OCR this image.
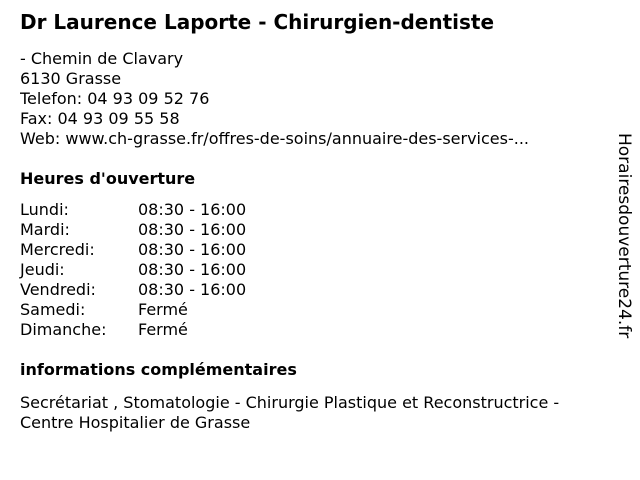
Dr Laurence Laporte - Chirurgien-dentiste
- Chemin de Clavary
6130 Grasse
Telefon: 04 93 09 52 76
Fax: 04 93 09 55 58
Web: www.ch-grasse.fr/offres-de-soins/annuaire-des-services-...
Heures d'ouverture
Lundi:	08:30 - 16:00
Mardi:	08:30 - 16:00
Mercredi:	08:30 - 16:00
Jeudi:	08:30 - 16:00
Vendredi:	08:30 - 16:00
Samedi:	Fermé
Dimanche:	Fermé
informations complémentaires
Secrétariat , Stomatologie - Chirurgie Plastique et Reconstructrice - Centre Hospitalier de Grasse
Horairesdouverture24.fr
